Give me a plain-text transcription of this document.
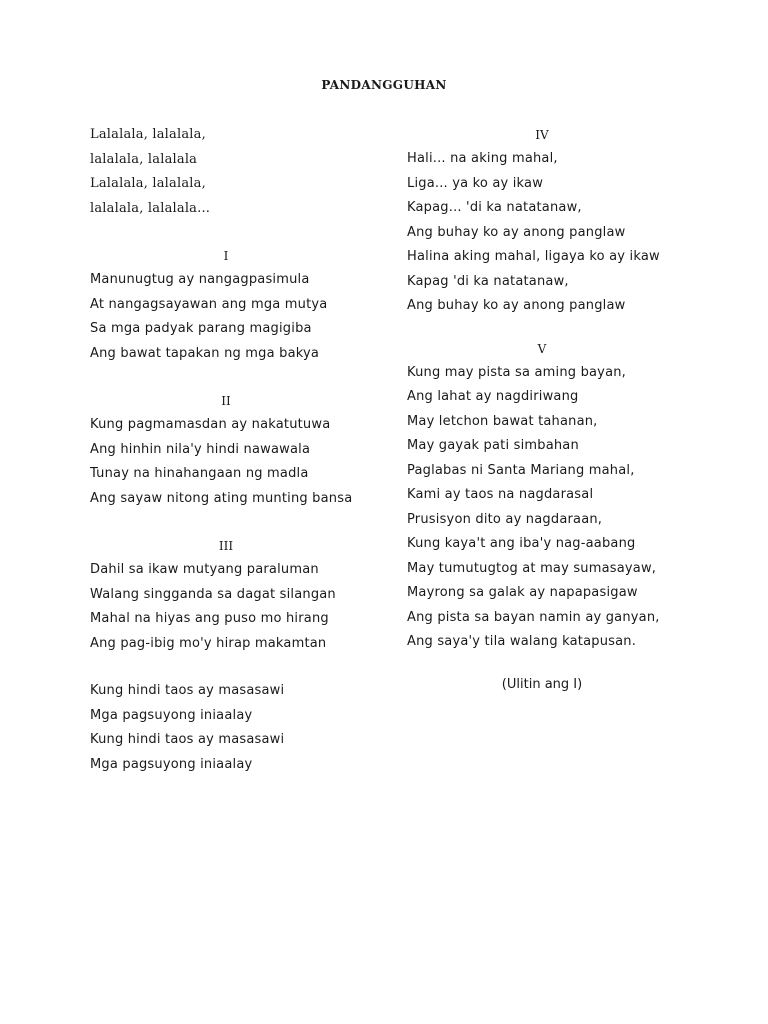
PANDANGGUHAN
Lalalala, lalalala,
lalalala, lalalala
Lalalala, lalalala,
lalalala, lalalala...
I
Manunugtug ay nangagpasimula
At nangagsayawan ang mga mutya
Sa mga padyak parang magigiba
Ang bawat tapakan ng mga bakya
II
Kung pagmamasdan ay nakatutuwa
Ang hinhin nila'y hindi nawawala
Tunay na hinahangaan ng madla
Ang sayaw nitong ating munting bansa
III
Dahil sa ikaw mutyang paraluman
Walang singganda sa dagat silangan
Mahal na hiyas ang puso mo hirang
Ang pag-ibig mo'y hirap makamtan
Kung hindi taos ay masasawi
Mga pagsuyong iniaalay
Kung hindi taos ay masasawi
Mga pagsuyong iniaalay
IV
Hali... na aking mahal,
Liga... ya ko ay ikaw
Kapag... 'di ka natatanaw,
Ang buhay ko ay anong panglaw
Halina aking mahal, ligaya ko ay ikaw
Kapag 'di ka natatanaw,
Ang buhay ko ay anong panglaw
V
Kung may pista sa aming bayan,
Ang lahat ay nagdiriwang
May letchon bawat tahanan,
May gayak pati simbahan
Paglabas ni Santa Mariang mahal,
Kami ay taos na nagdarasal
Prusisyon dito ay nagdaraan,
Kung kaya't ang iba'y nag-aabang
May tumutugtog at may sumasayaw,
Mayrong sa galak ay napapasigaw
Ang pista sa bayan namin ay ganyan,
Ang saya'y tila walang katapusan.
(Ulitin ang I)
